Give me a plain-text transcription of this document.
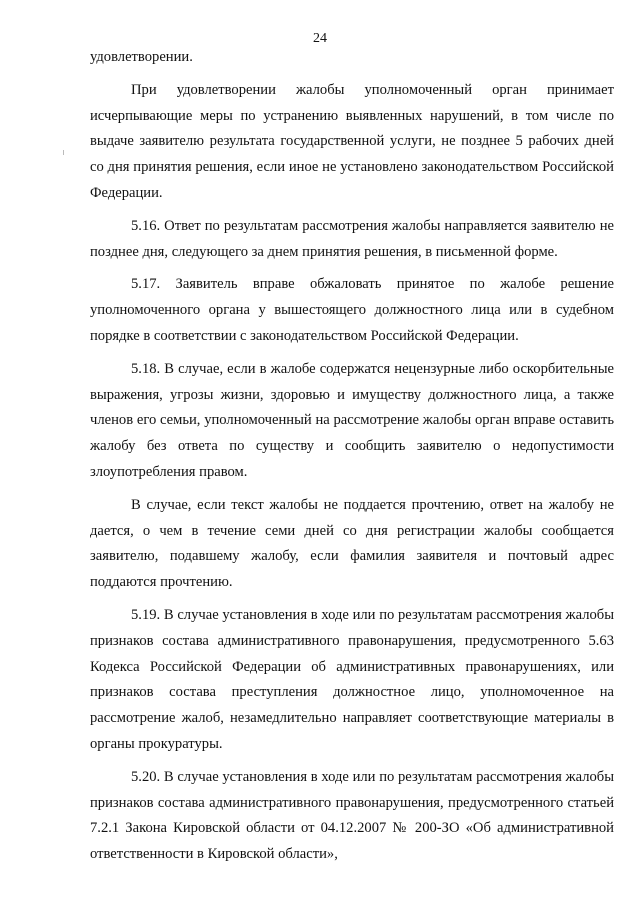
24

удовлетворении.

При удовлетворении жалобы уполномоченный орган принимает исчерпывающие меры по устранению выявленных нарушений, в том числе по выдаче заявителю результата государственной услуги, не позднее 5 рабочих дней со дня принятия решения, если иное не установлено законодательством Российской Федерации.

5.16. Ответ по результатам рассмотрения жалобы направляется заявителю не позднее дня, следующего за днем принятия решения, в письменной форме.

5.17. Заявитель вправе обжаловать принятое по жалобе решение уполномоченного органа у вышестоящего должностного лица или в судебном порядке в соответствии с законодательством Российской Федерации.

5.18. В случае, если в жалобе содержатся нецензурные либо оскорбительные выражения, угрозы жизни, здоровью и имуществу должностного лица, а также членов его семьи, уполномоченный на рассмотрение жалобы орган вправе оставить жалобу без ответа по существу и сообщить заявителю о недопустимости злоупотребления правом.

В случае, если текст жалобы не поддается прочтению, ответ на жалобу не дается, о чем в течение семи дней со дня регистрации жалобы сообщается заявителю, подавшему жалобу, если фамилия заявителя и почтовый адрес поддаются прочтению.

5.19. В случае установления в ходе или по результатам рассмотрения жалобы признаков состава административного правонарушения, предусмотренного 5.63 Кодекса Российской Федерации об административных правонарушениях, или признаков состава преступления должностное лицо, уполномоченное на рассмотрение жалоб, незамедлительно направляет соответствующие материалы в органы прокуратуры.

5.20. В случае установления в ходе или по результатам рассмотрения жалобы признаков состава административного правонарушения, предусмотренного статьей 7.2.1 Закона Кировской области от 04.12.2007 № 200-ЗО «Об административной ответственности в Кировской области»,
